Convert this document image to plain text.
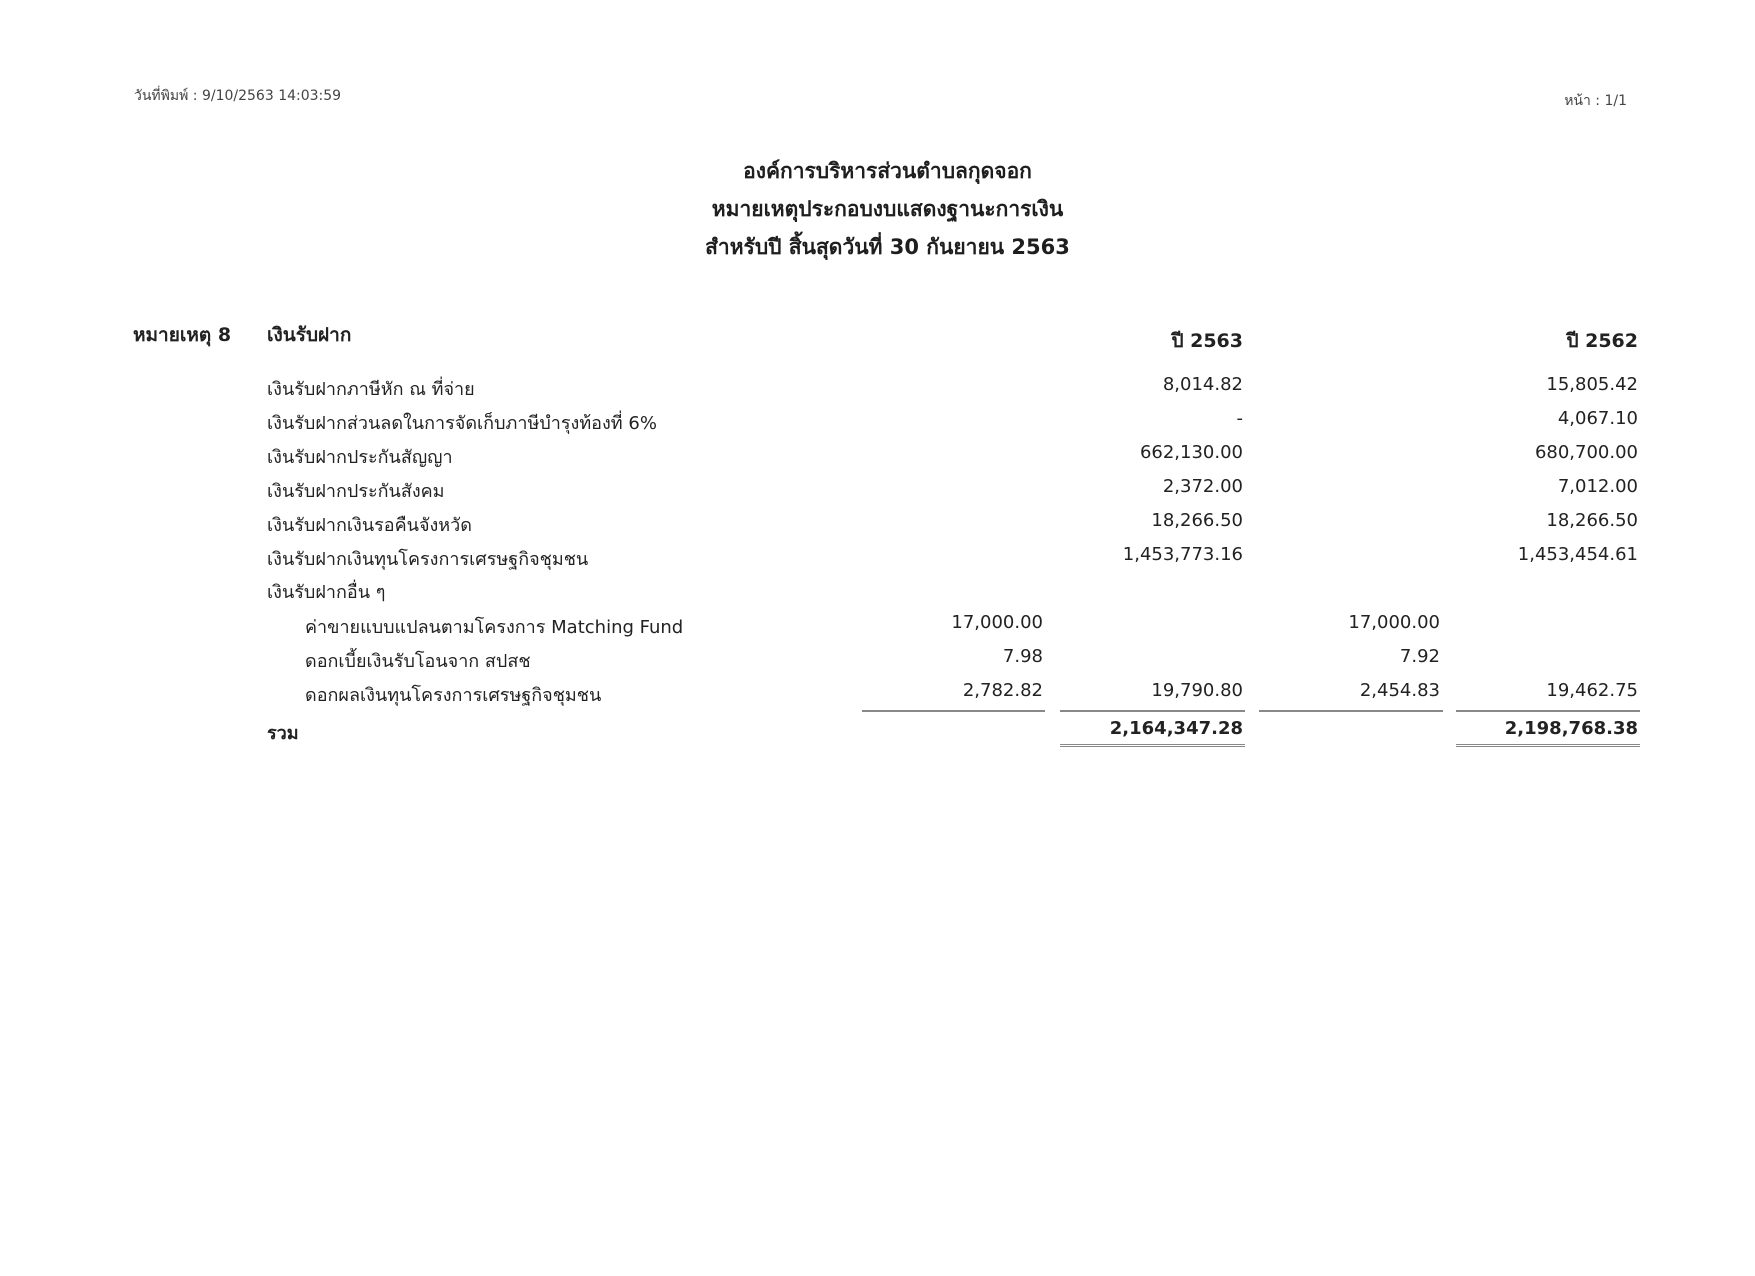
วันที่พิมพ์ : 9/10/2563 14:03:59	หน้า : 1/1
องค์การบริหารส่วนตำบลกุดจอก
หมายเหตุประกอบงบแสดงฐานะการเงิน
สำหรับปี สิ้นสุดวันที่ 30 กันยายน 2563
หมายเหตุ 8 เงินรับฝาก	ปี 2563	ปี 2562
เงินรับฝากภาษีหัก ณ ที่จ่าย	8,014.82	15,805.42
เงินรับฝากส่วนลดในการจัดเก็บภาษีบำรุงท้องที่ 6%	-	4,067.10
เงินรับฝากประกันสัญญา	662,130.00	680,700.00
เงินรับฝากประกันสังคม	2,372.00	7,012.00
เงินรับฝากเงินรอคืนจังหวัด	18,266.50	18,266.50
เงินรับฝากเงินทุนโครงการเศรษฐกิจชุมชน	1,453,773.16	1,453,454.61
เงินรับฝากอื่น ๆ
ค่าขายแบบแปลนตามโครงการ Matching Fund	17,000.00	17,000.00
ดอกเบี้ยเงินรับโอนจาก สปสช	7.98	7.92
ดอกผลเงินทุนโครงการเศรษฐกิจชุมชน	2,782.82	19,790.80	2,454.83	19,462.75
รวม	2,164,347.28	2,198,768.38
